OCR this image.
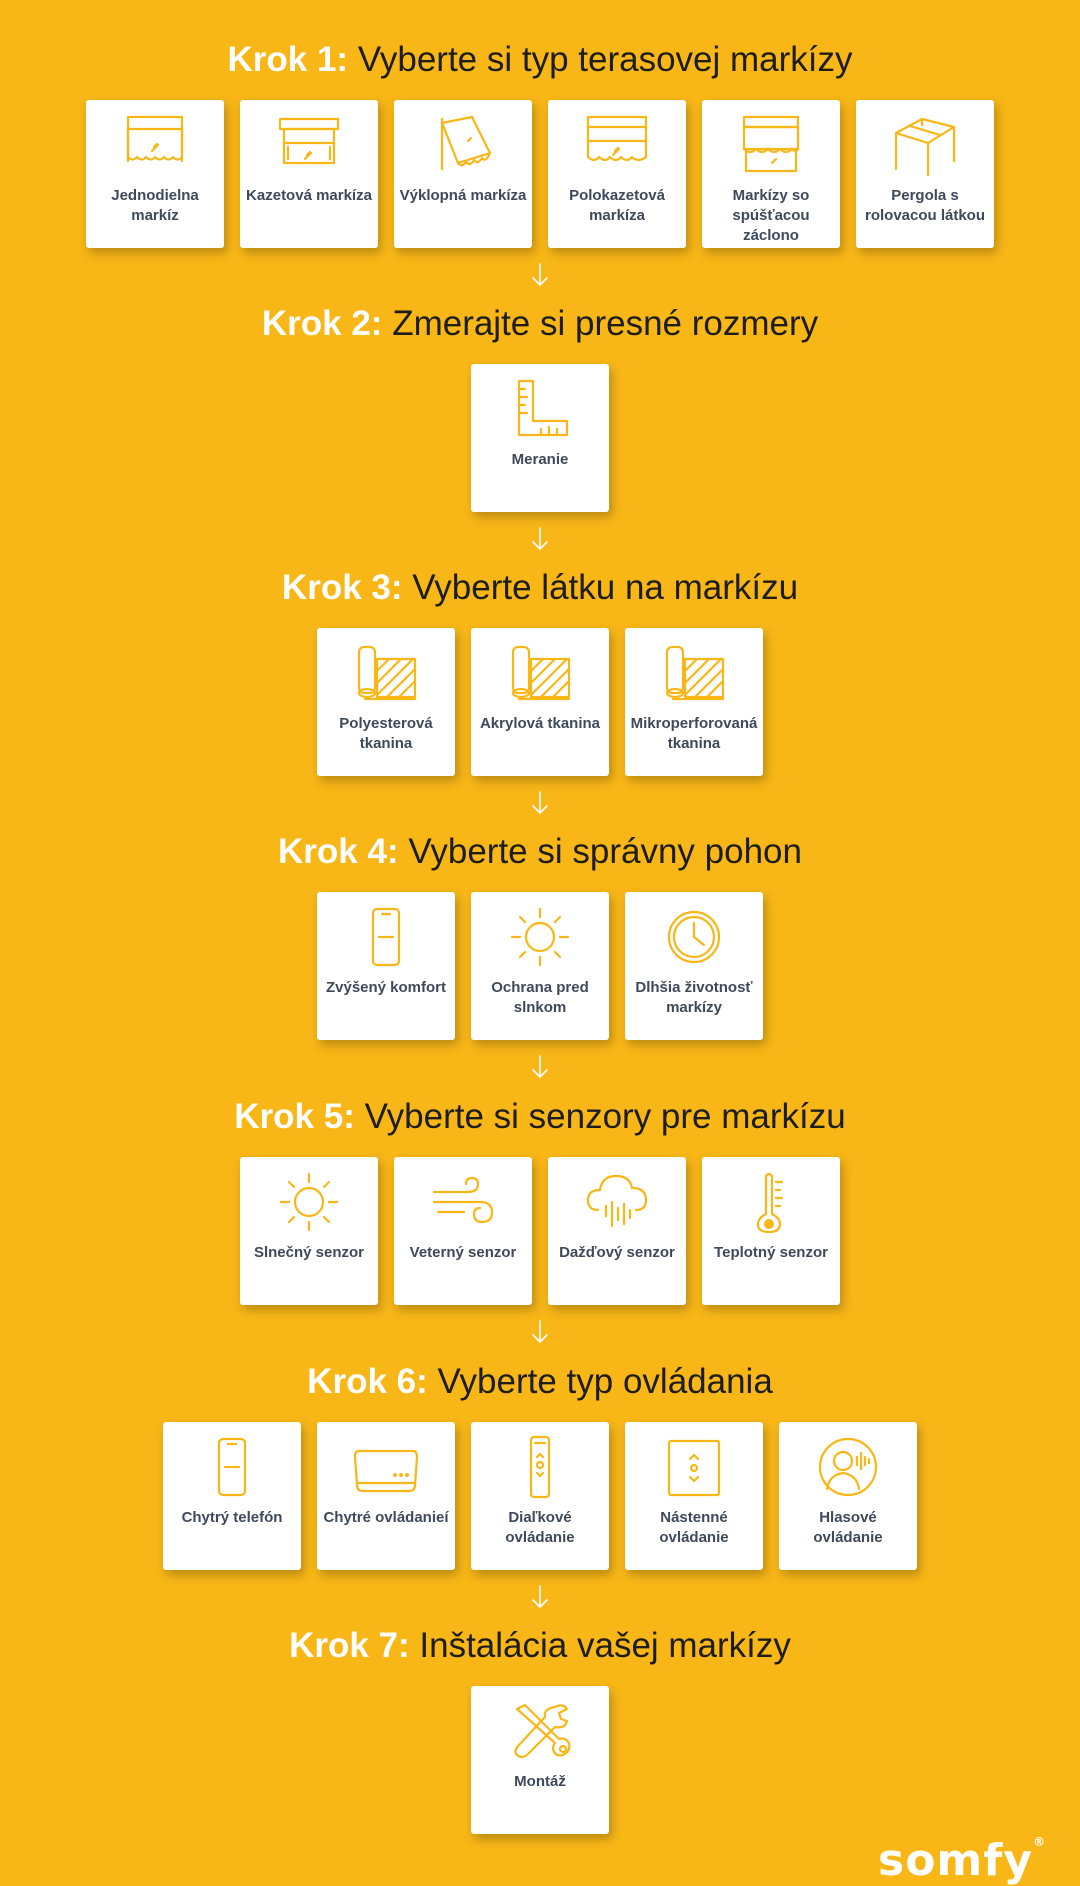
Krok 1: Vyberte si typ terasovej markízy
Jednodielna markíz
Kazetová markíza Výklopná markíza	Polokazetová markíza
Markízy so spúšťacou záclono
Pergola s rolovacou látkou
Krok 2: Zmerajte si presné rozmery
Meranie
Krok 3: Vyberte látku na markízu
Polyesterová tkanina
Akrylová tkanina	Mikroperforovaná tkanina
Krok 4: Vyberte si správny pohon
Zvýšený komfort	Ochrana pred slnkom
Dlhšia životnosť markízy
Krok 5: Vyberte si senzory pre markízu
Slnečný senzor	Veterný senzor	Dažďový senzor	Teplotný senzor
Krok 6: Vyberte typ ovládania
Chytrý telefón	Chytré ovládanieí	Diaľkové ovládanie
Nástenné ovládanie
Hlasové ovládanie
Krok 7: Inštalácia vašej markízy
Montáž
somfy®
